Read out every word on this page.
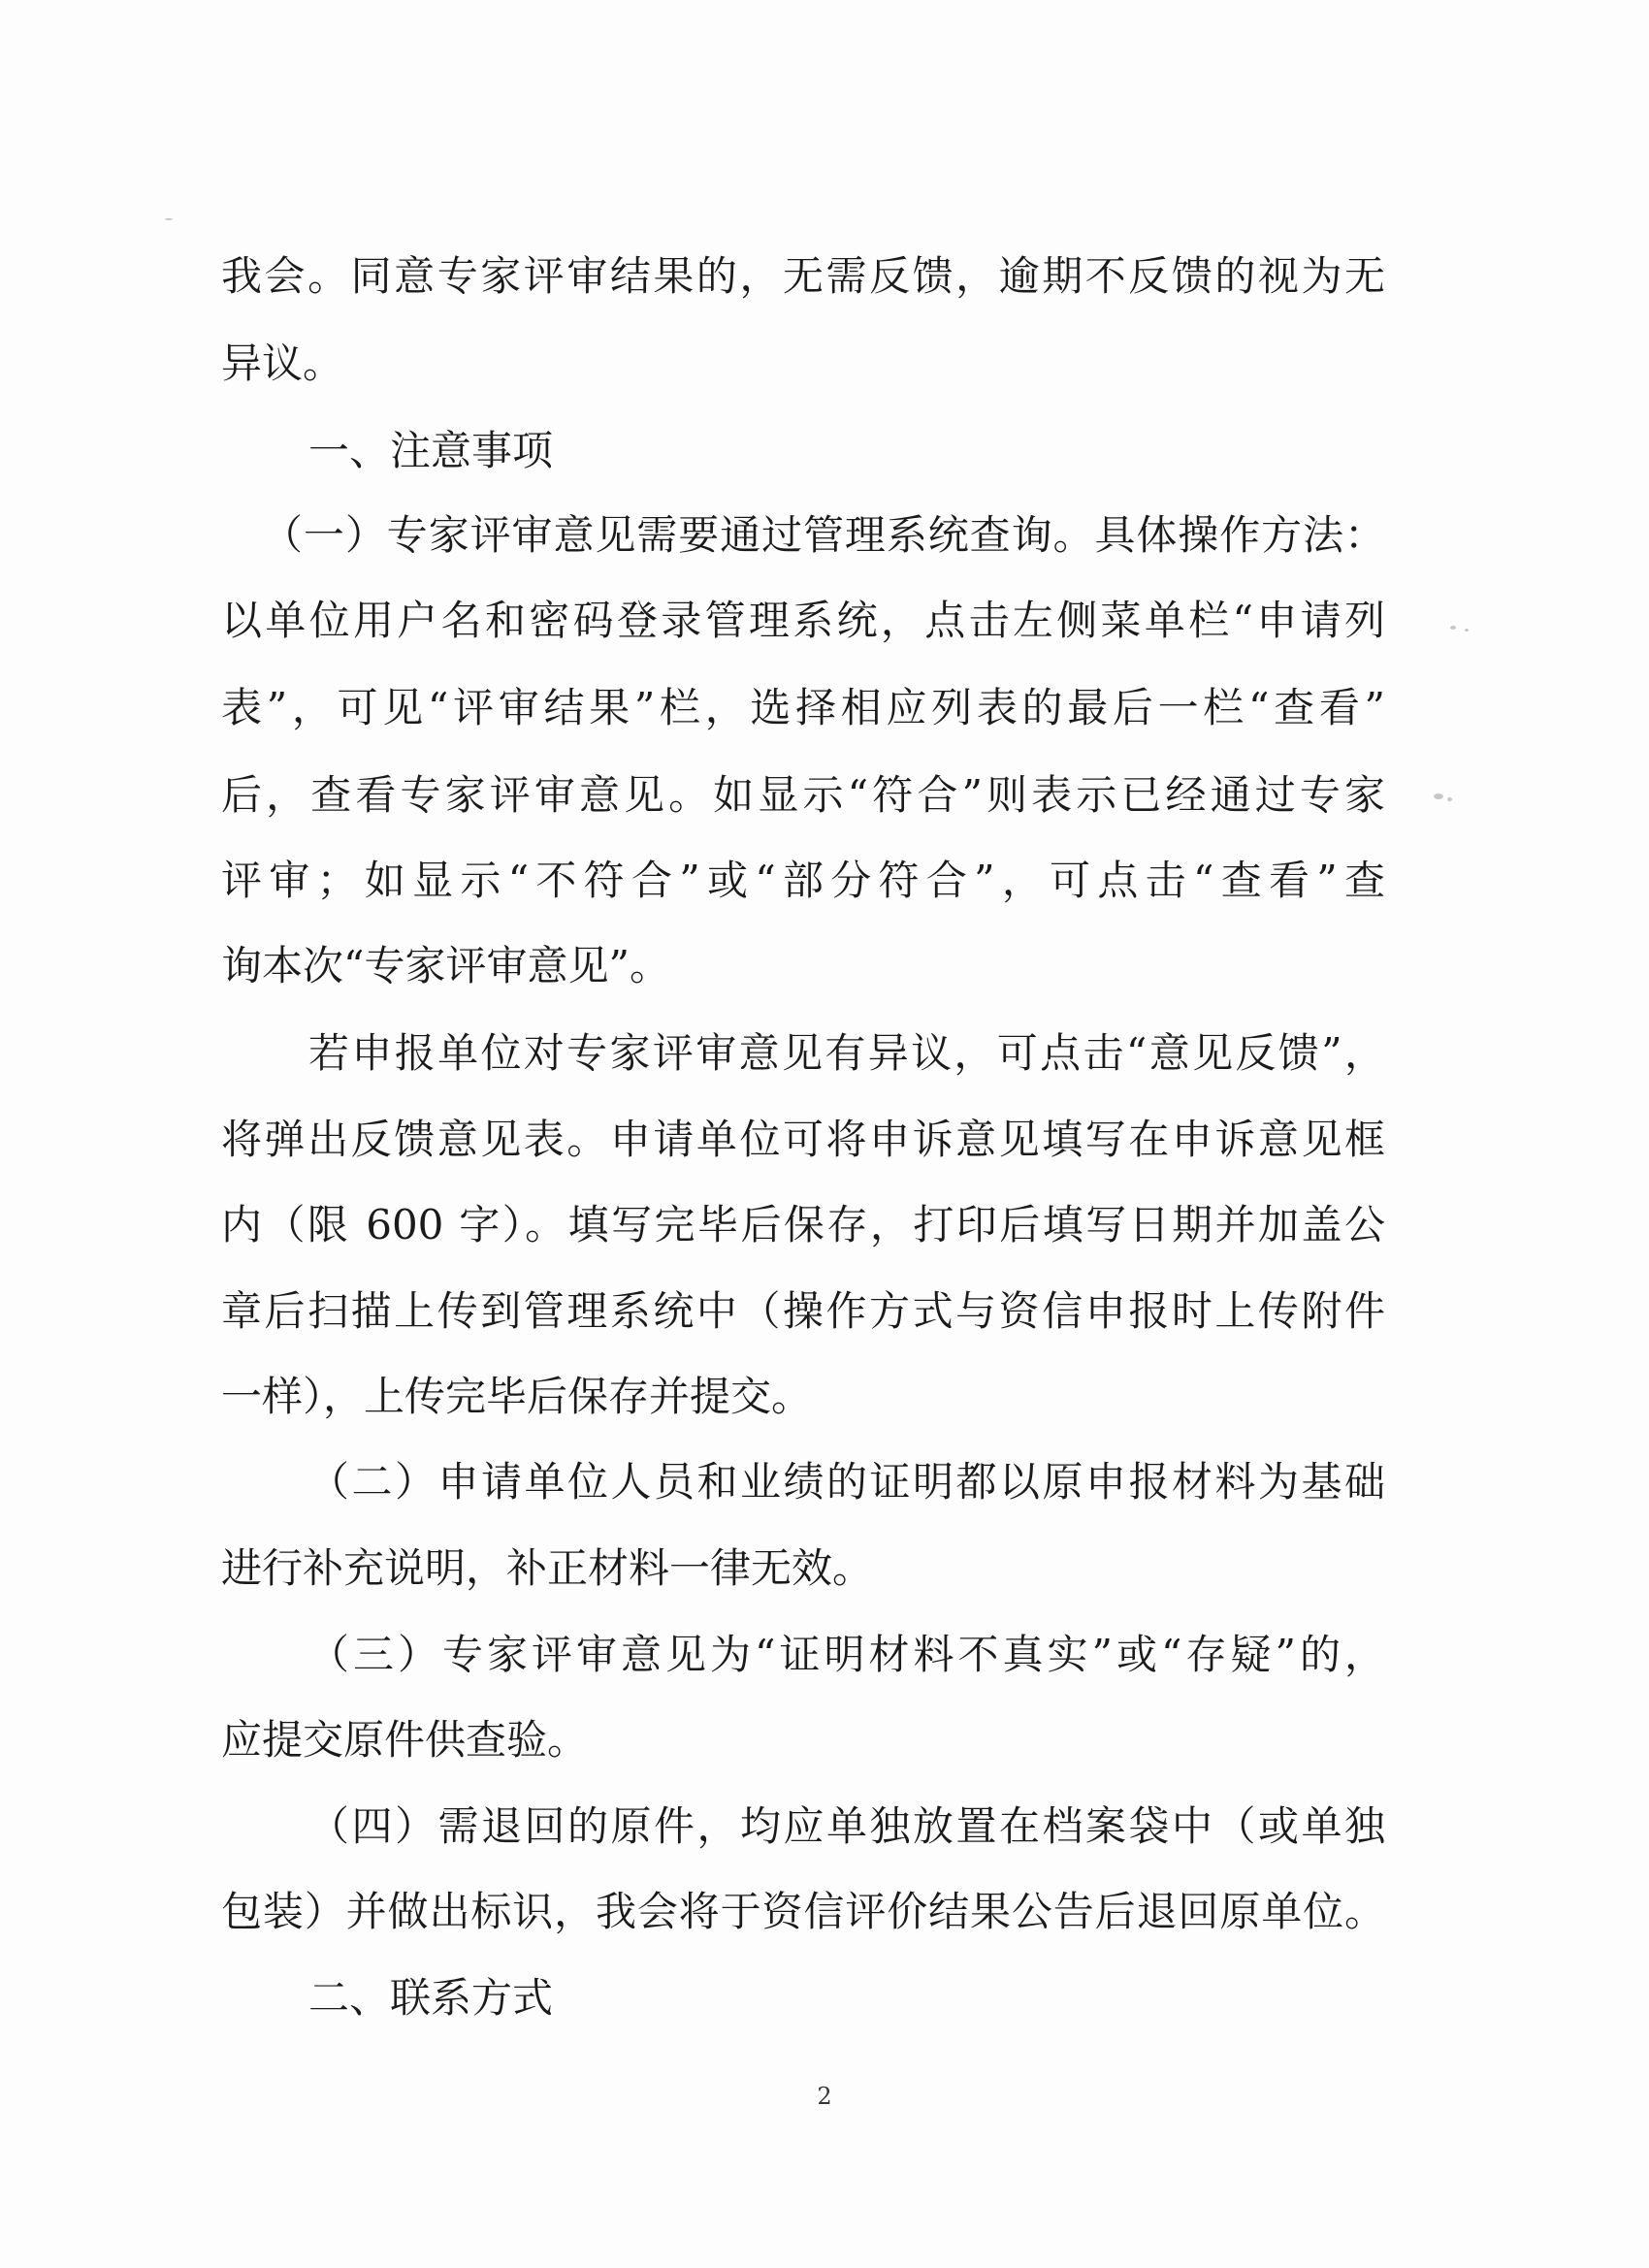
我会。同意专家评审结果的，无需反馈，逾期不反馈的视为无
异议。
一、注意事项
（一）专家评审意见需要通过管理系统查询。具体操作方法：
以单位用户名和密码登录管理系统，点击左侧菜单栏“申请列
表”，可见“评审结果”栏，选择相应列表的最后一栏“查看”
后，查看专家评审意见。如显示“符合”则表示已经通过专家
评审；如显示“不符合”或“部分符合”，可点击“查看”查
询本次“专家评审意见”。
若申报单位对专家评审意见有异议，可点击“意见反馈”，
将弹出反馈意见表。申请单位可将申诉意见填写在申诉意见框
内（限 600 字）。填写完毕后保存，打印后填写日期并加盖公
章后扫描上传到管理系统中（操作方式与资信申报时上传附件
一样），上传完毕后保存并提交。
（二）申请单位人员和业绩的证明都以原申报材料为基础
进行补充说明，补正材料一律无效。
（三）专家评审意见为“证明材料不真实”或“存疑”的，
应提交原件供查验。
（四）需退回的原件，均应单独放置在档案袋中（或单独
包装）并做出标识，我会将于资信评价结果公告后退回原单位。
二、联系方式
2
